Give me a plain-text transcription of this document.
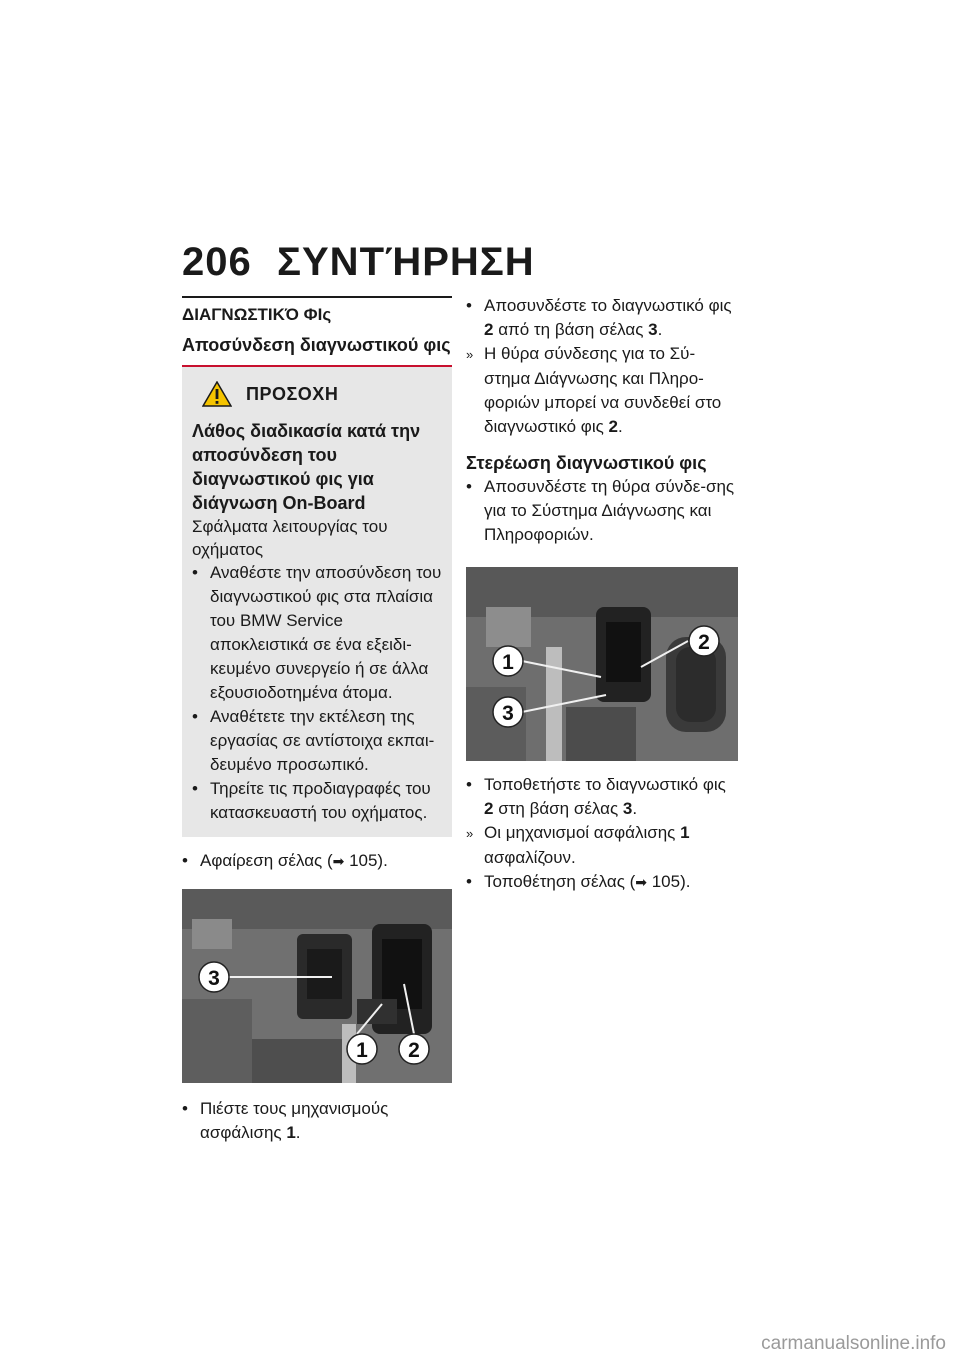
206 ΣΥΝΤΉΡΗΣΗ
ΔΙΑΓΝΩΣΤΙΚΌ ΦΙς
Αποσύνδεση διαγνωστικού φις
ΠΡΟΣΟΧΗ
Λάθος διαδικασία κατά την αποσύνδεση του διαγνωστικού φις για διάγνωση On-Board
Σφάλματα λειτουργίας του οχήματος
• Αναθέστε την αποσύνδεση του διαγνωστικού φις στα πλαίσια του BMW Service αποκλειστικά σε ένα εξειδι-κευμένο συνεργείο ή σε άλλα εξουσιοδοτημένα άτομα.
• Αναθέτετε την εκτέλεση της εργασίας σε αντίστοιχα εκπαι-δευμένο προσωπικό.
• Τηρείτε τις προδιαγραφές του κατασκευαστή του οχήματος.
• Αφαίρεση σέλας (➡ 105).
3
1 2
• Πιέστε τους μηχανισμούς ασφάλισης 1.
• Αποσυνδέστε το διαγνωστικό φις 2 από τη βάση σέλας 3.
» Η θύρα σύνδεσης για το Σύ-στημα Διάγνωσης και Πληρο-φοριών μπορεί να συνδεθεί στο διαγνωστικό φις 2.
Στερέωση διαγνωστικού φις
• Αποσυνδέστε τη θύρα σύνδε-σης για το Σύστημα Διάγνωσης και Πληροφοριών.
1
3
2
• Τοποθετήστε το διαγνωστικό φις 2 στη βάση σέλας 3.
» Οι μηχανισμοί ασφάλισης 1 ασφαλίζουν.
• Τοποθέτηση σέλας (➡ 105).
carmanualsonline.info
